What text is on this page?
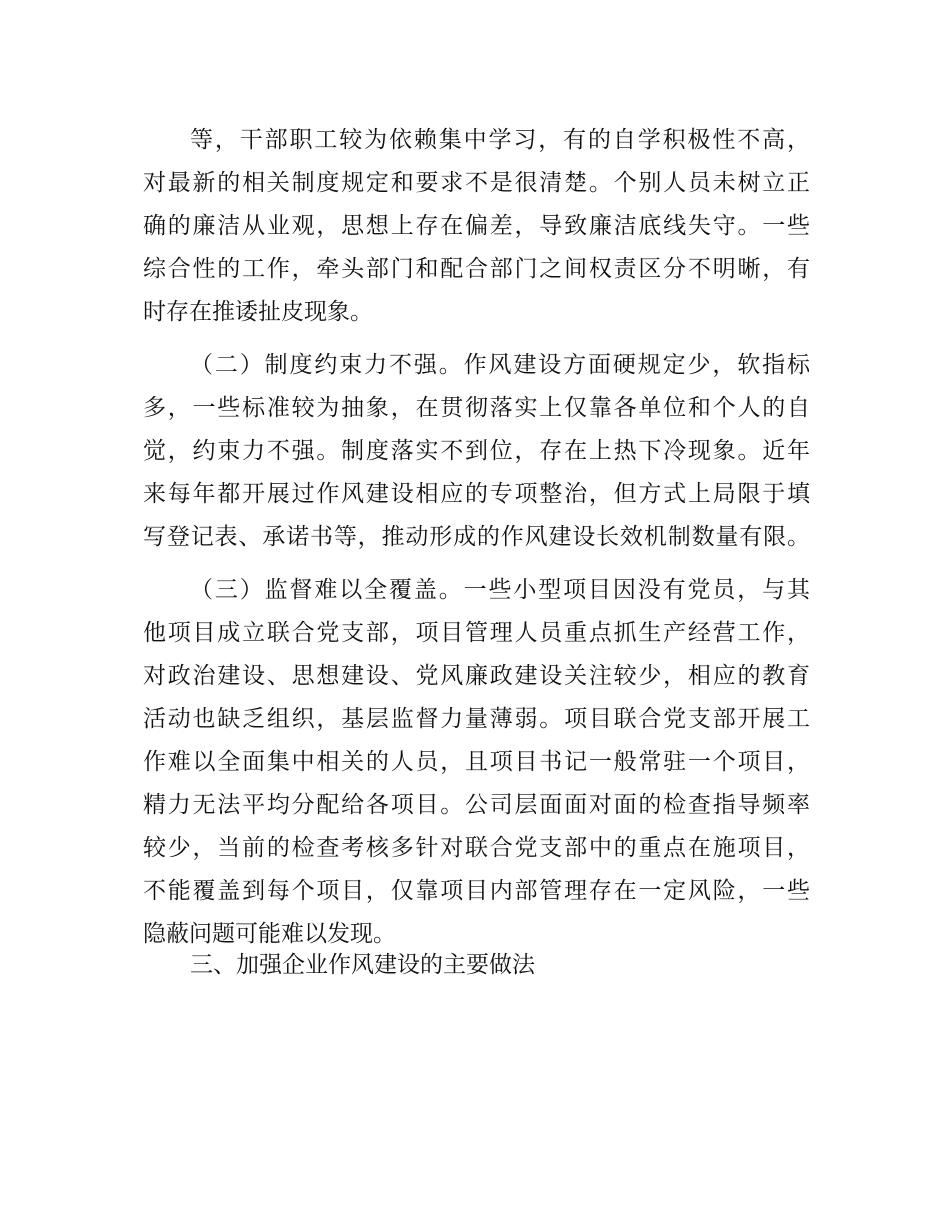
等，干部职工较为依赖集中学习，有的自学积极性不高，
对最新的相关制度规定和要求不是很清楚。个别人员未树立正
确的廉洁从业观，思想上存在偏差，导致廉洁底线失守。一些
综合性的工作，牵头部门和配合部门之间权责区分不明晰，有
时存在推诿扯皮现象。
（二）制度约束力不强。作风建设方面硬规定少，软指标
多，一些标准较为抽象，在贯彻落实上仅靠各单位和个人的自
觉，约束力不强。制度落实不到位，存在上热下冷现象。近年
来每年都开展过作风建设相应的专项整治，但方式上局限于填
写登记表、承诺书等，推动形成的作风建设长效机制数量有限。
（三）监督难以全覆盖。一些小型项目因没有党员，与其
他项目成立联合党支部，项目管理人员重点抓生产经营工作，
对政治建设、思想建设、党风廉政建设关注较少，相应的教育
活动也缺乏组织，基层监督力量薄弱。项目联合党支部开展工
作难以全面集中相关的人员，且项目书记一般常驻一个项目，
精力无法平均分配给各项目。公司层面面对面的检查指导频率
较少，当前的检查考核多针对联合党支部中的重点在施项目，
不能覆盖到每个项目，仅靠项目内部管理存在一定风险，一些
隐蔽问题可能难以发现。
三、加强企业作风建设的主要做法
